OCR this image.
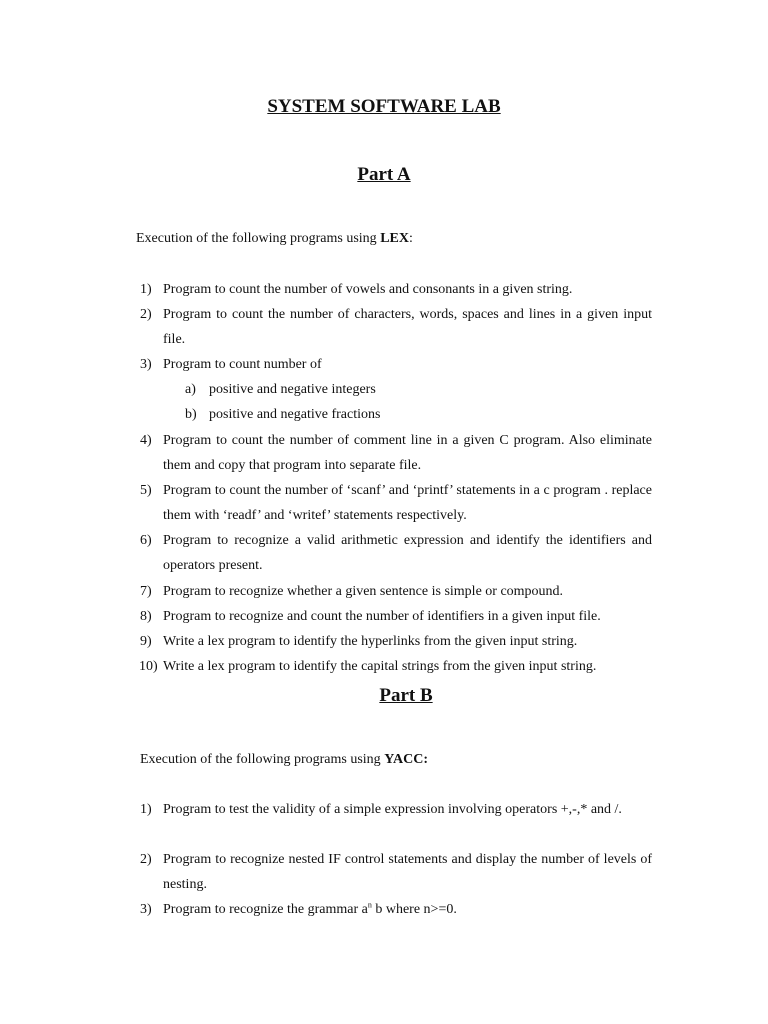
SYSTEM SOFTWARE LAB
Part A

Execution of the following programs using LEX:

1) Program to count the number of vowels and consonants in a given string.
2) Program to count the number of characters, words, spaces and lines in a given input file.
3) Program to count number of
a) positive and negative integers
b) positive and negative fractions
4) Program to count the number of comment line in a given C program. Also eliminate them and copy that program into separate file.
5) Program to count the number of ‘scanf’ and ‘printf’ statements in a c program . replace them with ‘readf’ and ‘writef’ statements respectively.
6) Program to recognize a valid arithmetic expression and identify the identifiers and operators present.
7) Program to recognize whether a given sentence is simple or compound.
8) Program to recognize and count the number of identifiers in a given input file.
9) Write a lex program to identify the hyperlinks from the given input string.
10) Write a lex program to identify the capital strings from the given input string.
Part B

Execution of the following programs using YACC:

1) Program to test the validity of a simple expression involving operators +,-,* and /.
2) Program to recognize nested IF control statements and display the number of levels of nesting.
3) Program to recognize the grammar $a^n$ b where n>=0.
